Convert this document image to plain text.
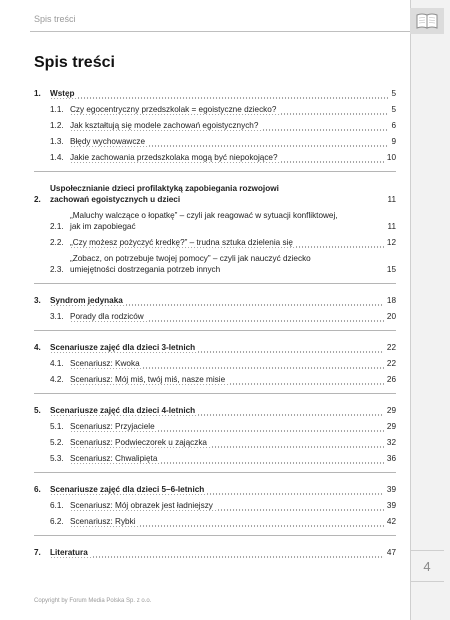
Spis treści
4
Spis treści
1.	Wstęp	5
1.1. Czy egocentryczny przedszkolak = egoistyczne dziecko?	5
1.2. Jak kształtują się modele zachowań egoistycznych?	6
1.3. Błędy wychowawcze	9
1.4. Jakie zachowania przedszkolaka mogą być niepokojące?	10
2.
Uspołecznianie dzieci profilaktyką zapobiegania rozwojowi
zachowań egoistycznych u dzieci	11
2.1.
„Maluchy walczące o łopatkę” – czyli jak reagować w sytuacji konfliktowej,
jak im zapobiegać	11
2.2. „Czy możesz pożyczyć kredkę?” – trudna sztuka dzielenia się	12
2.3.
„Zobacz, on potrzebuje twojej pomocy” – czyli jak nauczyć dziecko
umiejętności dostrzegania potrzeb innych	15
3.	Syndrom jedynaka	18
3.1. Porady dla rodziców	20
4.	Scenariusze zajęć dla dzieci 3-letnich	22
4.1. Scenariusz: Kwoka	22
4.2. Scenariusz: Mój miś, twój miś, nasze misie	26
5.	Scenariusze zajęć dla dzieci 4-letnich	29
5.1. Scenariusz: Przyjaciele	29
5.2. Scenariusz: Podwieczorek u zajączka	32
5.3. Scenariusz: Chwalipięta	36
6.	Scenariusze zajęć dla dzieci 5–6-letnich	39
6.1. Scenariusz: Mój obrazek jest ładniejszy	39
6.2. Scenariusz: Rybki	42
7.	Literatura	47
Copyright by Forum Media Polska Sp. z o.o.
